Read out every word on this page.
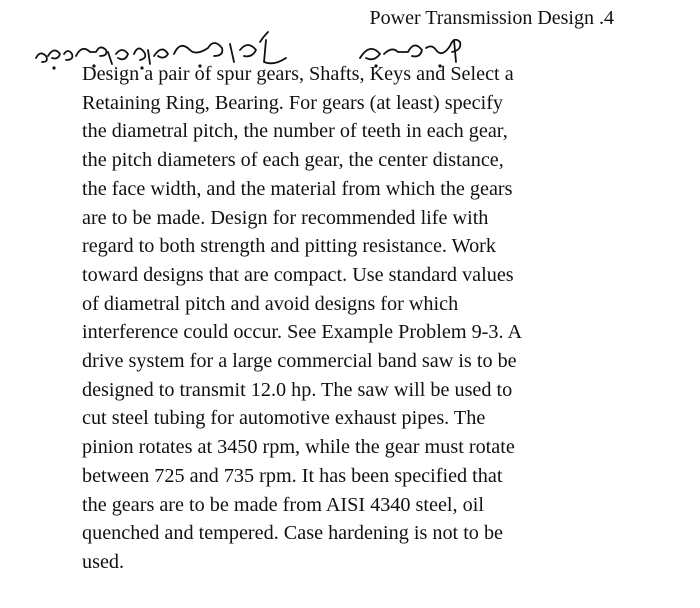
Power Transmission Design .4
Design a pair of spur gears, Shafts, Keys and Select a
Retaining Ring, Bearing. For gears (at least) specify
the diametral pitch, the number of teeth in each gear,
the pitch diameters of each gear, the center distance,
the face width, and the material from which the gears
are to be made. Design for recommended life with
regard to both strength and pitting resistance. Work
toward designs that are compact. Use standard values
of diametral pitch and avoid designs for which
interference could occur. See Example Problem 9-3. A
drive system for a large commercial band saw is to be
designed to transmit 12.0 hp. The saw will be used to
cut steel tubing for automotive exhaust pipes. The
pinion rotates at 3450 rpm, while the gear must rotate
between 725 and 735 rpm. It has been specified that
the gears are to be made from AISI 4340 steel, oil
quenched and tempered. Case hardening is not to be
used.
